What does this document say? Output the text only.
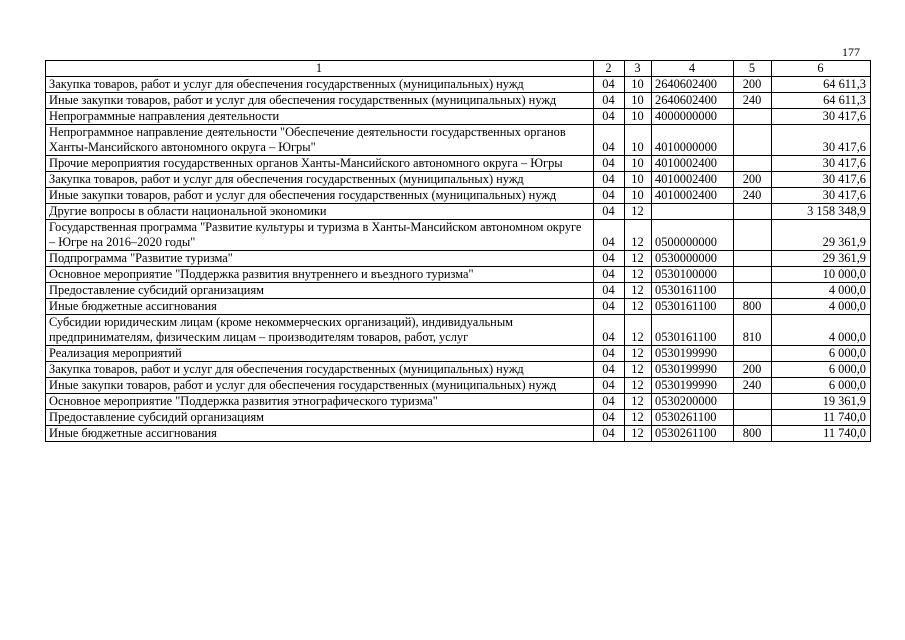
177
1	2	3	4	5	6
Закупка товаров, работ и услуг для обеспечения государственных (муниципальных) нужд	04	10	2640602400	200	64 611,3
Иные закупки товаров, работ и услуг для обеспечения государственных (муниципальных) нужд	04	10	2640602400	240	64 611,3
Непрограммные направления деятельности	04	10	4000000000		30 417,6
Непрограммное направление деятельности "Обеспечение деятельности государственных органов Ханты-Мансийского автономного округа – Югры"	04	10	4010000000		30 417,6
Прочие мероприятия государственных органов Ханты-Мансийского автономного округа – Югры	04	10	4010002400		30 417,6
Закупка товаров, работ и услуг для обеспечения государственных (муниципальных) нужд	04	10	4010002400	200	30 417,6
Иные закупки товаров, работ и услуг для обеспечения государственных (муниципальных) нужд	04	10	4010002400	240	30 417,6
Другие вопросы в области национальной экономики	04	12			3 158 348,9
Государственная программа "Развитие культуры и туризма в Ханты-Мансийском автономном округе – Югре на 2016–2020 годы"	04	12	0500000000		29 361,9
Подпрограмма "Развитие туризма"	04	12	0530000000		29 361,9
Основное мероприятие "Поддержка развития внутреннего и въездного туризма"	04	12	0530100000		10 000,0
Предоставление субсидий организациям	04	12	0530161100		4 000,0
Иные бюджетные ассигнования	04	12	0530161100	800	4 000,0
Субсидии юридическим лицам (кроме некоммерческих организаций), индивидуальным предпринимателям, физическим лицам – производителям товаров, работ, услуг	04	12	0530161100	810	4 000,0
Реализация мероприятий	04	12	0530199990		6 000,0
Закупка товаров, работ и услуг для обеспечения государственных (муниципальных) нужд	04	12	0530199990	200	6 000,0
Иные закупки товаров, работ и услуг для обеспечения государственных (муниципальных) нужд	04	12	0530199990	240	6 000,0
Основное мероприятие "Поддержка развития этнографического туризма"	04	12	0530200000		19 361,9
Предоставление субсидий организациям	04	12	0530261100		11 740,0
Иные бюджетные ассигнования	04	12	0530261100	800	11 740,0
